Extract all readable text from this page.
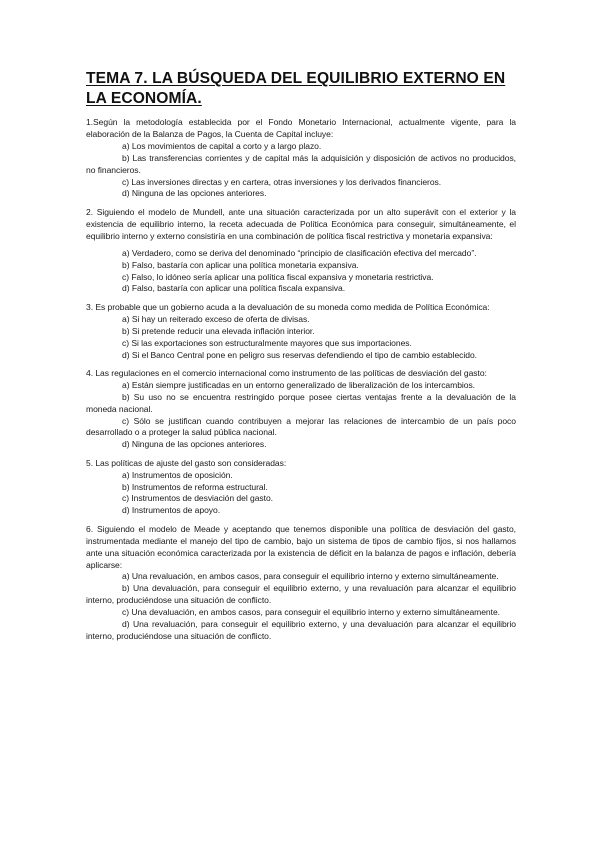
TEMA 7. LA BÚSQUEDA DEL EQUILIBRIO EXTERNO EN LA ECONOMÍA.

1.Según la metodología establecida por el Fondo Monetario Internacional, actualmente vigente, para la elaboración de la Balanza de Pagos, la Cuenta de Capital incluye:

a) Los movimientos de capital a corto y a largo plazo.

b) Las transferencias corrientes y de capital más la adquisición y disposición de activos no producidos, no financieros.

c) Las inversiones directas y en cartera, otras inversiones y los derivados financieros.

d) Ninguna de las opciones anteriores.

2. Siguiendo el modelo de Mundell, ante una situación caracterizada por un alto superávit con el exterior y la existencia de equilibrio interno, la receta adecuada de Política Económica para conseguir, simultáneamente, el equilibrio interno y externo consistiría en una combinación de política fiscal restrictiva y monetaria expansiva:

a) Verdadero, como se deriva del denominado “principio de clasificación efectiva del mercado”.

b) Falso, bastaría con aplicar una política monetaria expansiva.

c) Falso, lo idóneo sería aplicar una política fiscal expansiva y monetaria restrictiva.

d) Falso, bastaría con aplicar una política fiscala expansiva.

3. Es probable que un gobierno acuda a la devaluación de su moneda como medida de Política Económica:

a) Si hay un reiterado exceso de oferta de divisas.

b) Si pretende reducir una elevada inflación interior.

c) Si las exportaciones son estructuralmente mayores que sus importaciones.

d) Si el Banco Central pone en peligro sus reservas defendiendo el tipo de cambio establecido.

4. Las regulaciones en el comercio internacional como instrumento de las políticas de desviación del gasto:

a) Están siempre justificadas en un entorno generalizado de liberalización de los intercambios.

b) Su uso no se encuentra restringido porque posee ciertas ventajas frente a la devaluación de la moneda nacional.

c) Sólo se justifican cuando contribuyen a mejorar las relaciones de intercambio de un país poco desarrollado o a proteger la salud pública nacional.

d) Ninguna de las opciones anteriores.

5. Las políticas de ajuste del gasto son consideradas:

a) Instrumentos de oposición.

b) Instrumentos de reforma estructural.

c) Instrumentos de desviación del gasto.

d) Instrumentos de apoyo.

6. Siguiendo el modelo de Meade y aceptando que tenemos disponible una política de desviación del gasto, instrumentada mediante el manejo del tipo de cambio, bajo un sistema de tipos de cambio fijos, si nos hallamos ante una situación económica caracterizada por la existencia de déficit en la balanza de pagos e inflación, debería aplicarse:

a) Una revaluación, en ambos casos, para conseguir el equilibrio interno y externo simultáneamente.

b) Una devaluación, para conseguir el equilibrio externo, y una revaluación para alcanzar el equilibrio interno, produciéndose una situación de conflicto.

c) Una devaluación, en ambos casos, para conseguir el equilibrio interno y externo simultáneamente.

d) Una revaluación, para conseguir el equilibrio externo, y una devaluación para alcanzar el equilibrio interno, produciéndose una situación de conflicto.
